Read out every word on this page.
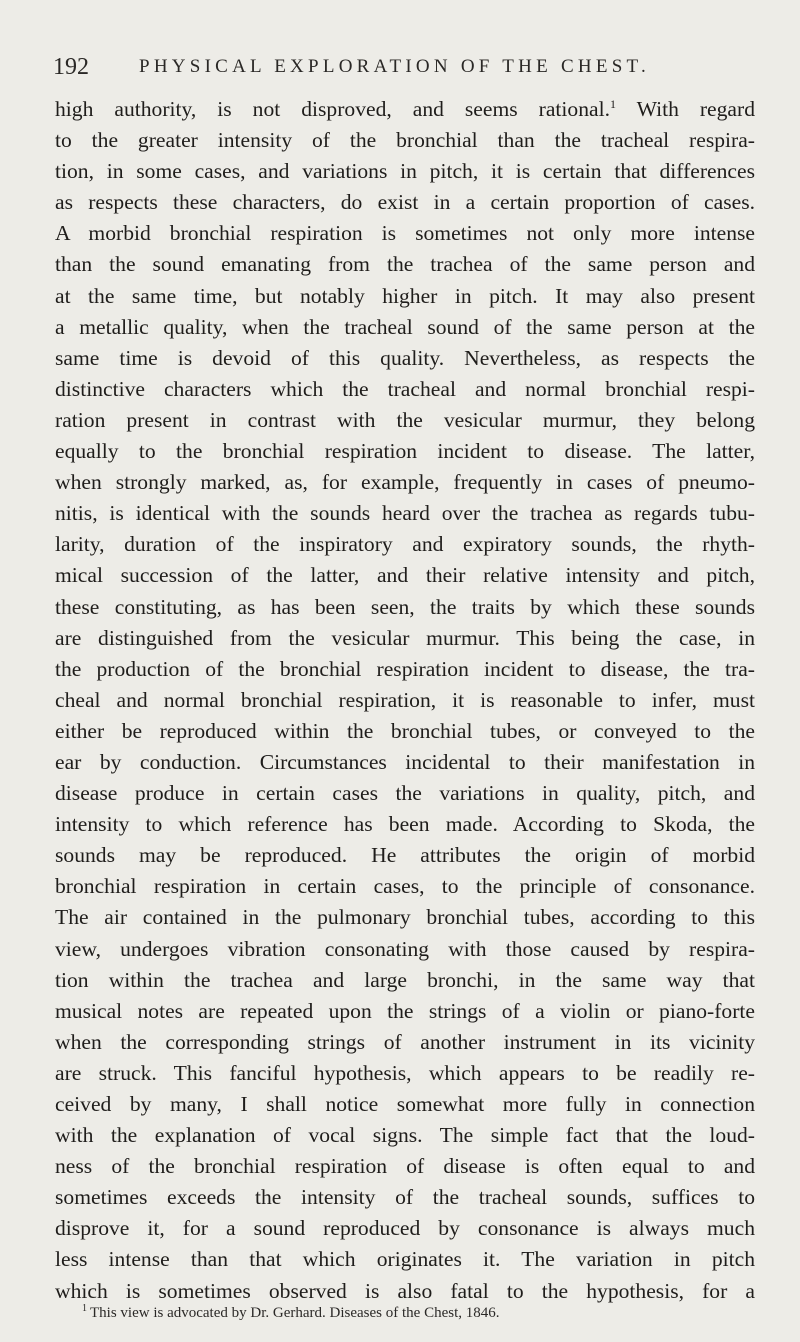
192	PHYSICAL EXPLORATION OF THE CHEST.
high authority, is not disproved, and seems rational.$^1$ With regard
to the greater intensity of the bronchial than the tracheal respira-
tion, in some cases, and variations in pitch, it is certain that differences
as respects these characters, do exist in a certain proportion of cases.
A morbid bronchial respiration is sometimes not only more intense
than the sound emanating from the trachea of the same person and
at the same time, but notably higher in pitch. It may also present
a metallic quality, when the tracheal sound of the same person at the
same time is devoid of this quality. Nevertheless, as respects the
distinctive characters which the tracheal and normal bronchial respi-
ration present in contrast with the vesicular murmur, they belong
equally to the bronchial respiration incident to disease. The latter,
when strongly marked, as, for example, frequently in cases of pneumo-
nitis, is identical with the sounds heard over the trachea as regards tubu-
larity, duration of the inspiratory and expiratory sounds, the rhyth-
mical succession of the latter, and their relative intensity and pitch,
these constituting, as has been seen, the traits by which these sounds
are distinguished from the vesicular murmur. This being the case, in
the production of the bronchial respiration incident to disease, the tra-
cheal and normal bronchial respiration, it is reasonable to infer, must
either be reproduced within the bronchial tubes, or conveyed to the
ear by conduction. Circumstances incidental to their manifestation in
disease produce in certain cases the variations in quality, pitch, and
intensity to which reference has been made. According to Skoda, the
sounds may be reproduced. He attributes the origin of morbid
bronchial respiration in certain cases, to the principle of consonance.
The air contained in the pulmonary bronchial tubes, according to this
view, undergoes vibration consonating with those caused by respira-
tion within the trachea and large bronchi, in the same way that
musical notes are repeated upon the strings of a violin or piano-forte
when the corresponding strings of another instrument in its vicinity
are struck. This fanciful hypothesis, which appears to be readily re-
ceived by many, I shall notice somewhat more fully in connection
with the explanation of vocal signs. The simple fact that the loud-
ness of the bronchial respiration of disease is often equal to and
sometimes exceeds the intensity of the tracheal sounds, suffices to
disprove it, for a sound reproduced by consonance is always much
less intense than that which originates it. The variation in pitch
which is sometimes observed is also fatal to the hypothesis, for a
$^1$ This view is advocated by Dr. Gerhard. Diseases of the Chest, 1846.
